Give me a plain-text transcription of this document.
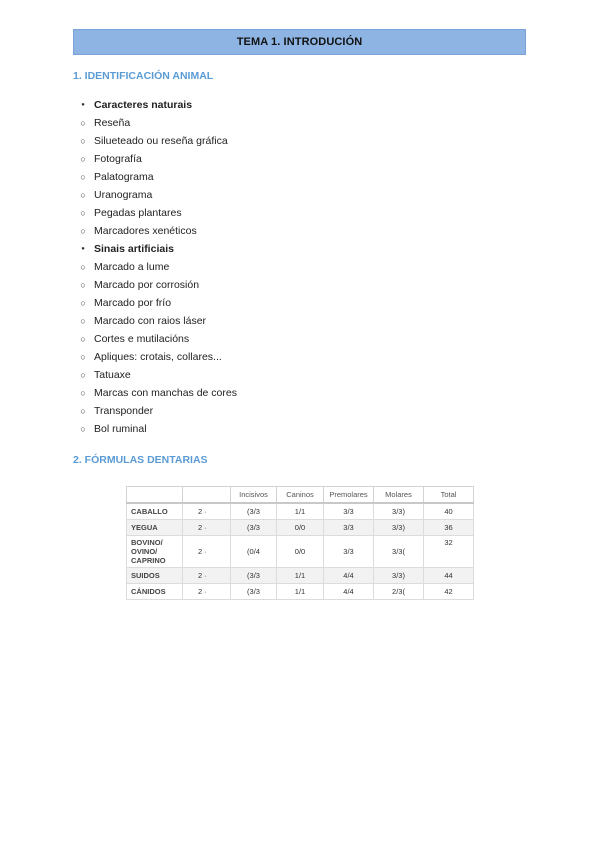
TEMA 1. INTRODUCIÓN
1. IDENTIFICACIÓN ANIMAL
● Caracteres naturais
○ Reseña
○ Silueteado ou reseña gráfica
○ Fotografía
○ Palatograma
○ Uranograma
○ Pegadas plantares
○ Marcadores xenéticos
● Sinais artificiais
○ Marcado a lume
○ Marcado por corrosión
○ Marcado por frío
○ Marcado con raios láser
○ Cortes e mutilacións
○ Apliques: crotais, collares...
○ Tatuaxe
○ Marcas con manchas de cores
○ Transponder
○ Bol ruminal
2. FÓRMULAS DENTARIAS
		Incisivos	Caninos	Premolares	Molares	Total
CABALLO	2 ·	(3/3	1/1	3/3	3/3)	40
YEGUA	2 ·	(3/3	0/0	3/3	3/3)	36
BOVINO/ OVINO/ CAPRINO	2 ·	(0/4	0/0	3/3	3/3(	32
SUIDOS	2 ·	(3/3	1/1	4/4	3/3)	44
CÁNIDOS	2 ·	(3/3	1/1	4/4	2/3(	42
